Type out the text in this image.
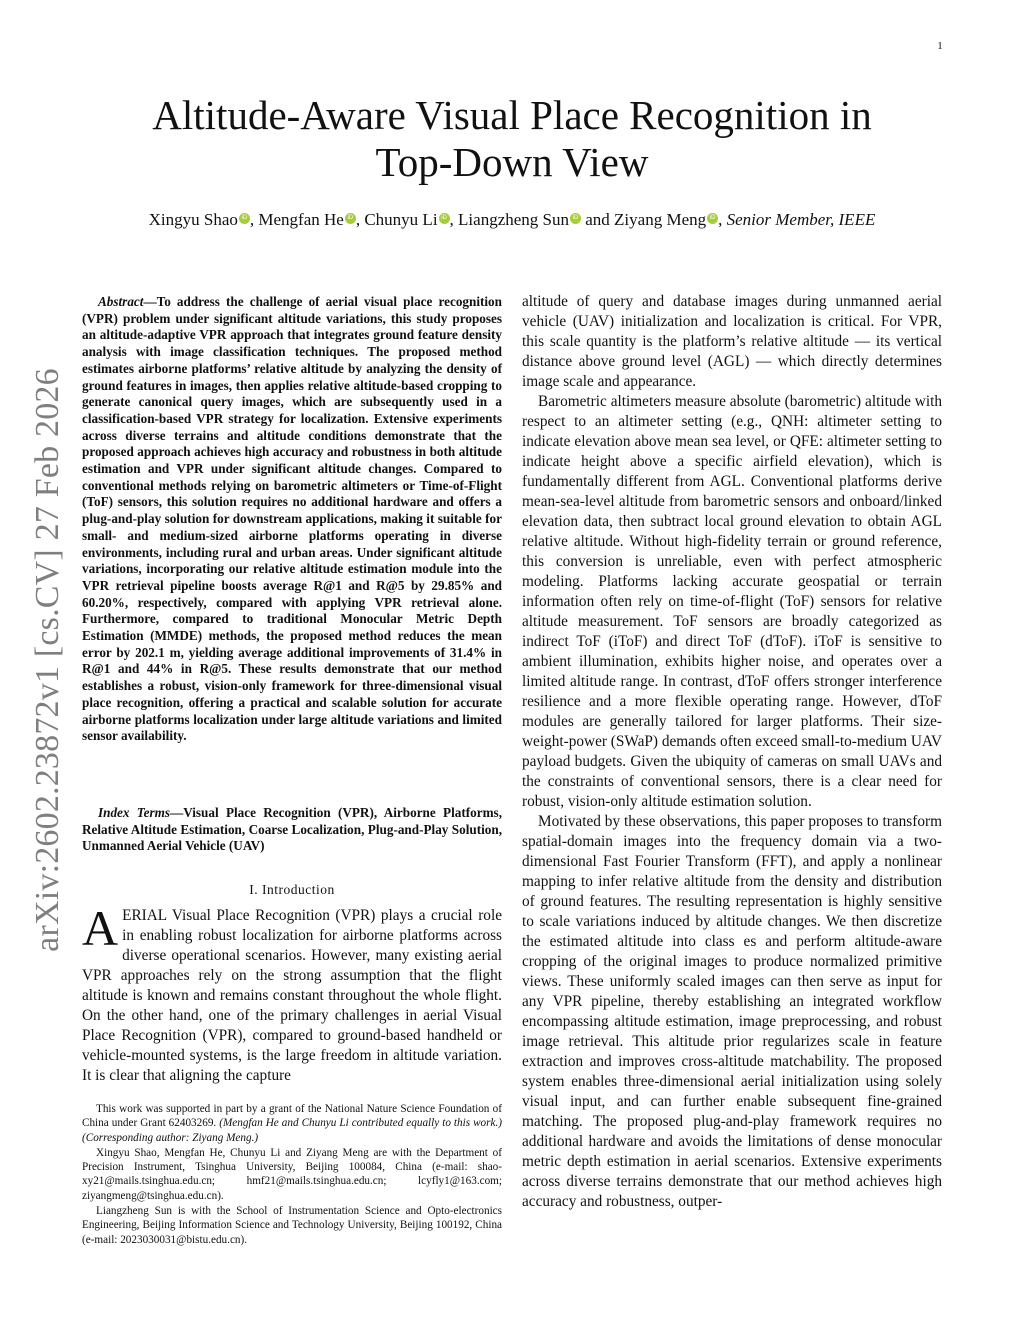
1
arXiv:2602.23872v1 [cs.CV] 27 Feb 2026
Altitude-Aware Visual Place Recognition in
Top-Down View
Xingyu Shao iD , Mengfan He iD , Chunyu Li iD , Liangzheng Sun iD and Ziyang Meng iD , Senior Member, IEEE

Abstract—To address the challenge of aerial visual place recognition (VPR) problem under significant altitude variations, this study proposes an altitude-adaptive VPR approach that integrates ground feature density analysis with image classification techniques. The proposed method estimates airborne platforms’ relative altitude by analyzing the density of ground features in images, then applies relative altitude-based cropping to generate canonical query images, which are subsequently used in a classification-based VPR strategy for localization. Extensive experiments across diverse terrains and altitude conditions demonstrate that the proposed approach achieves high accuracy and robustness in both altitude estimation and VPR under significant altitude changes. Compared to conventional methods relying on barometric altimeters or Time-of-Flight (ToF) sensors, this solution requires no additional hardware and offers a plug-and-play solution for downstream applications, making it suitable for small- and medium-sized airborne platforms operating in diverse environments, including rural and urban areas. Under significant altitude variations, incorporating our relative altitude estimation module into the VPR retrieval pipeline boosts average R@1 and R@5 by 29.85% and 60.20%, respectively, compared with applying VPR retrieval alone. Furthermore, compared to traditional Monocular Metric Depth Estimation (MMDE) methods, the proposed method reduces the mean error by 202.1 m, yielding average additional improvements of 31.4% in R@1 and 44% in R@5. These results demonstrate that our method establishes a robust, vision-only framework for three-dimensional visual place recognition, offering a practical and scalable solution for accurate airborne platforms localization under large altitude variations and limited sensor availability.

Index Terms—Visual Place Recognition (VPR), Airborne Platforms, Relative Altitude Estimation, Coarse Localization, Plug-and-Play Solution, Unmanned Aerial Vehicle (UAV)

I. Introduction

AERIAL Visual Place Recognition (VPR) plays a crucial role in enabling robust localization for airborne platforms across diverse operational scenarios. However, many existing aerial VPR approaches rely on the strong assumption that the flight altitude is known and remains constant throughout the whole flight. On the other hand, one of the primary challenges in aerial Visual Place Recognition (VPR), compared to ground-based handheld or vehicle-mounted systems, is the large freedom in altitude variation. It is clear that aligning the capture

This work was supported in part by a grant of the National Nature Science Foundation of China under Grant 62403269. (Mengfan He and Chunyu Li contributed equally to this work.) (Corresponding author: Ziyang Meng.)

Xingyu Shao, Mengfan He, Chunyu Li and Ziyang Meng are with the Department of Precision Instrument, Tsinghua University, Beijing 100084, China (e-mail: shao-xy21@mails.tsinghua.edu.cn; hmf21@mails.tsinghua.edu.cn; lcyfly1@163.com; ziyangmeng@tsinghua.edu.cn).

Liangzheng Sun is with the School of Instrumentation Science and Opto-electronics Engineering, Beijing Information Science and Technology University, Beijing 100192, China (e-mail: 2023030031@bistu.edu.cn).

altitude of query and database images during unmanned aerial vehicle (UAV) initialization and localization is critical. For VPR, this scale quantity is the platform’s relative altitude — its vertical distance above ground level (AGL) — which directly determines image scale and appearance.

Barometric altimeters measure absolute (barometric) altitude with respect to an altimeter setting (e.g., QNH: altimeter setting to indicate elevation above mean sea level, or QFE: altimeter setting to indicate height above a specific airfield elevation), which is fundamentally different from AGL. Conventional platforms derive mean-sea-level altitude from barometric sensors and onboard/linked elevation data, then subtract local ground elevation to obtain AGL relative altitude. Without high-fidelity terrain or ground reference, this conversion is unreliable, even with perfect atmospheric modeling. Platforms lacking accurate geospatial or terrain information often rely on time-of-flight (ToF) sensors for relative altitude measurement. ToF sensors are broadly categorized as indirect ToF (iToF) and direct ToF (dToF). iToF is sensitive to ambient illumination, exhibits higher noise, and operates over a limited altitude range. In contrast, dToF offers stronger interference resilience and a more flexible operating range. However, dToF modules are generally tailored for larger platforms. Their size-weight-power (SWaP) demands often exceed small-to-medium UAV payload budgets. Given the ubiquity of cameras on small UAVs and the constraints of conventional sensors, there is a clear need for robust, vision-only altitude estimation solution.

Motivated by these observations, this paper proposes to transform spatial-domain images into the frequency domain via a two-dimensional Fast Fourier Transform (FFT), and apply a nonlinear mapping to infer relative altitude from the density and distribution of ground features. The resulting representation is highly sensitive to scale variations induced by altitude changes. We then discretize the estimated altitude into class es and perform altitude-aware cropping of the original images to produce normalized primitive views. These uniformly scaled images can then serve as input for any VPR pipeline, thereby establishing an integrated workflow encompassing altitude estimation, image preprocessing, and robust image retrieval. This altitude prior regularizes scale in feature extraction and improves cross-altitude matchability. The proposed system enables three-dimensional aerial initialization using solely visual input, and can further enable subsequent fine-grained matching. The proposed plug-and-play framework requires no additional hardware and avoids the limitations of dense monocular metric depth estimation in aerial scenarios. Extensive experiments across diverse terrains demonstrate that our method achieves high accuracy and robustness, outper-
